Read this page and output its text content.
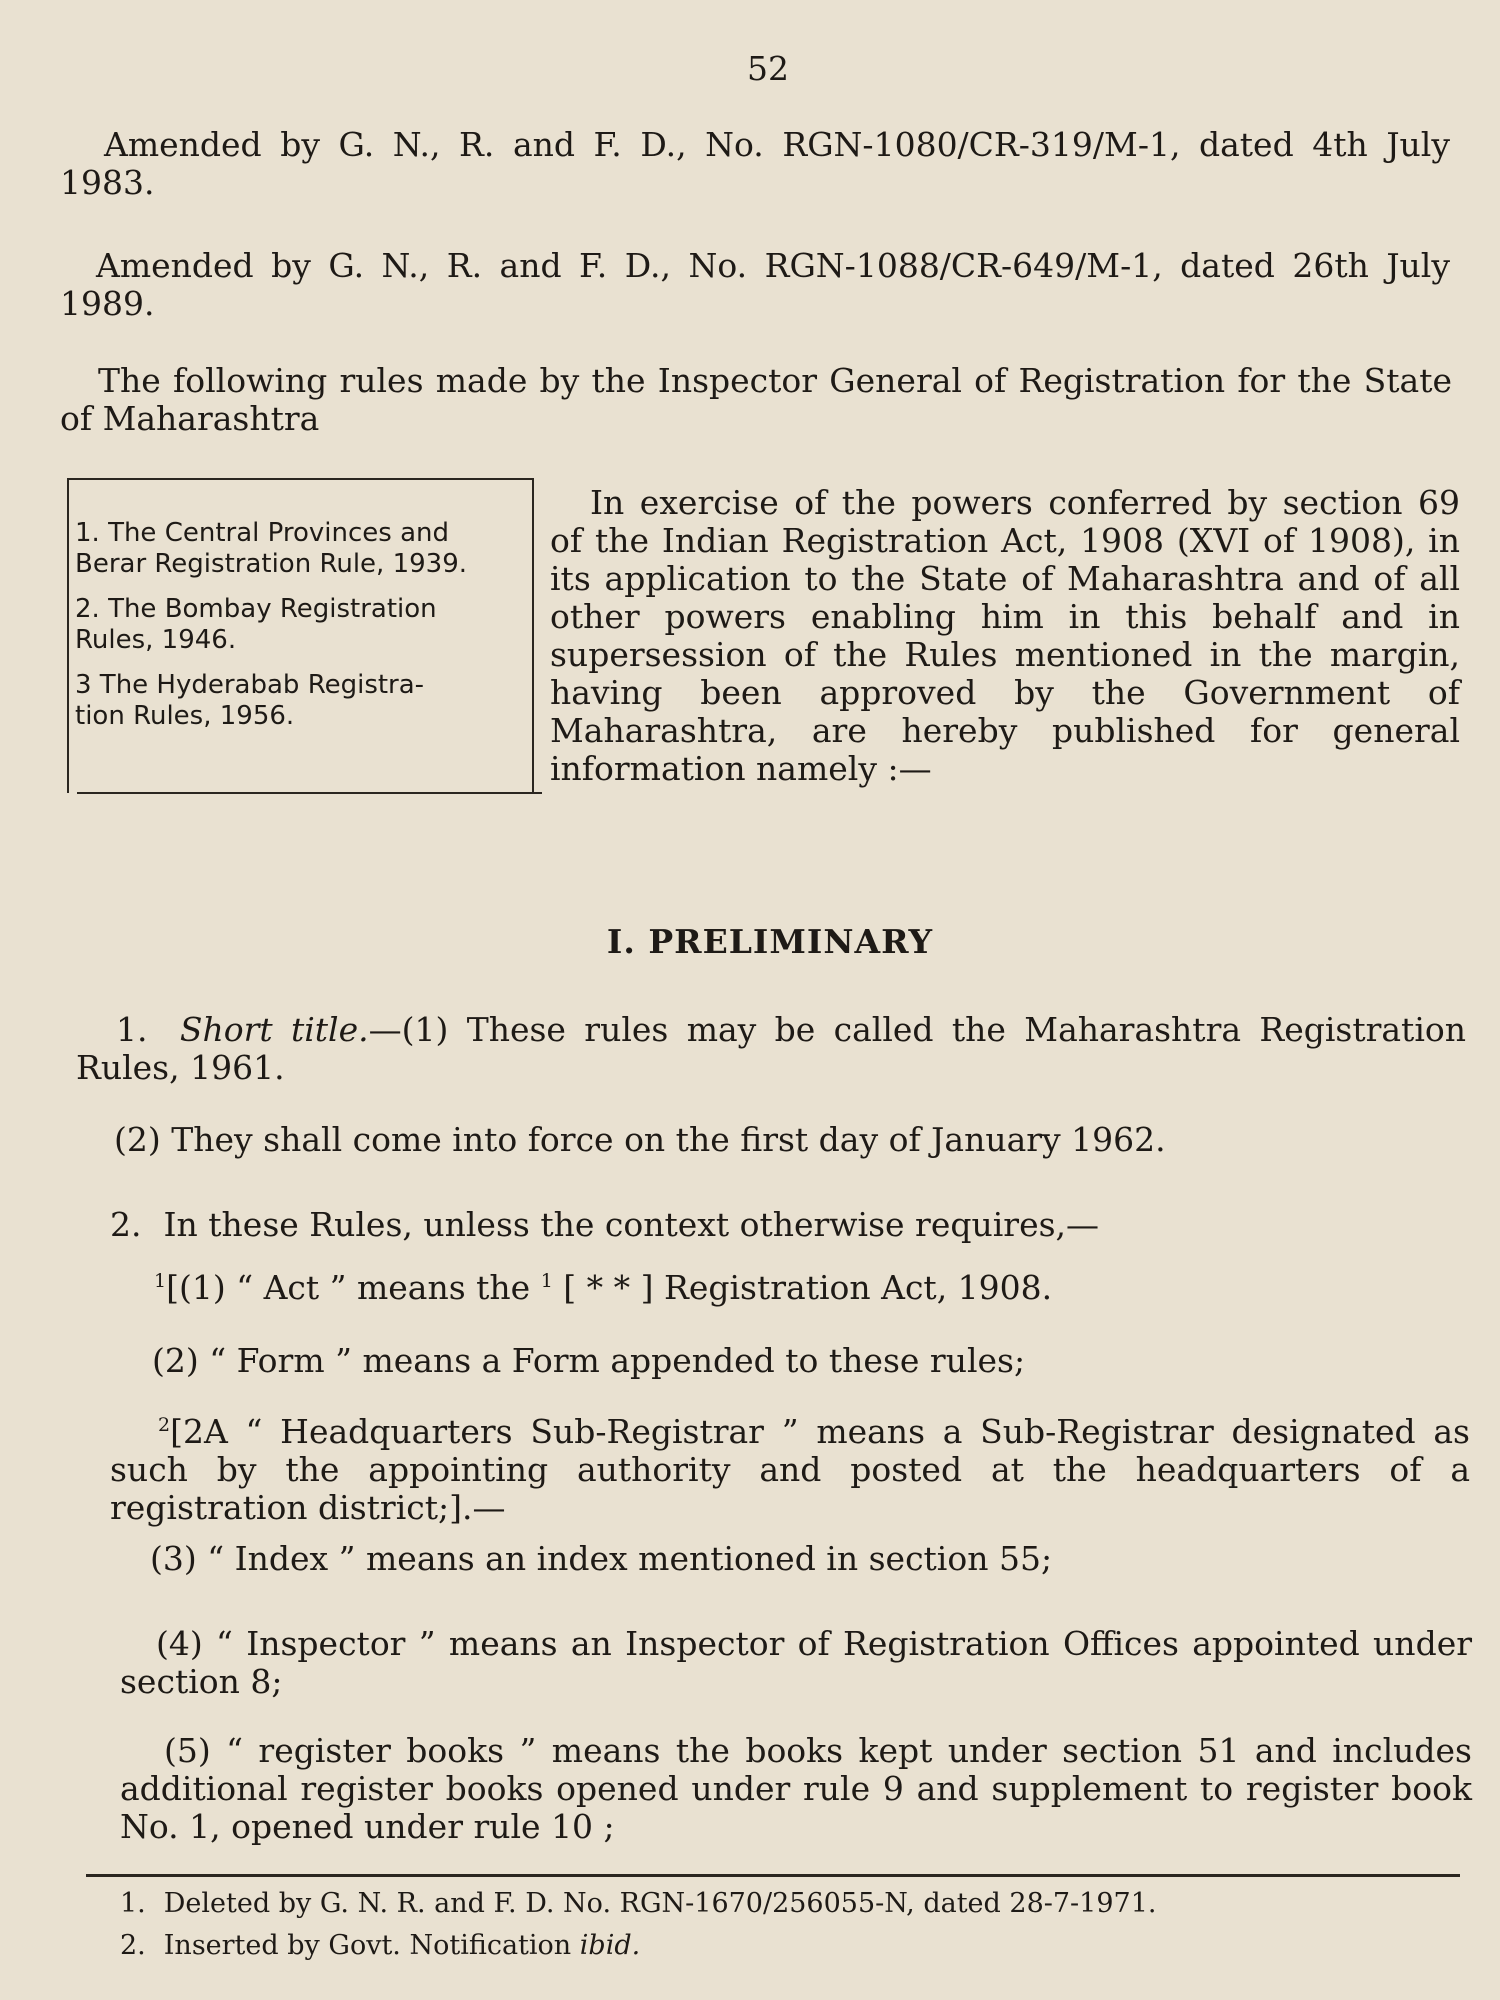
52
Amended by G. N., R. and F. D., No. RGN-1080/CR-319/M-1, dated 4th July 1983.
Amended by G. N., R. and F. D., No. RGN-1088/CR-649/M-1, dated 26th July 1989.
The following rules made by the Inspector General of Registration for the State of Maharashtra
1. The Central Provinces and
Berar Registration Rule, 1939.
2. The Bombay Registration
Rules, 1946.
3 The Hyderabab Registra-
tion Rules, 1956.
In exercise of the powers conferred by section 69 of the Indian Registration Act, 1908 (XVI of 1908), in its application to the State of Maharashtra and of all other powers enabling him in this behalf and in supersession of the Rules mentioned in the margin, having been approved by the Government of Maharashtra, are hereby published for general information namely :—
I. PRELIMINARY
1. Short title.—(1) These rules may be called the Maharashtra Registration Rules, 1961.
(2) They shall come into force on the first day of January 1962.
2. In these Rules, unless the context otherwise requires,—
$^1$[(1) “ Act ” means the $^1$ [ * * ] Registration Act, 1908.
(2) “ Form ” means a Form appended to these rules;
$^2$[2A “ Headquarters Sub-Registrar ” means a Sub-Registrar designated as such by the appointing authority and posted at the headquarters of a registration district;].—
(3) “ Index ” means an index mentioned in section 55;
(4) “ Inspector ” means an Inspector of Registration Offices appointed under section 8;
(5) “ register books ” means the books kept under section 51 and includes additional register books opened under rule 9 and supplement to register book No. 1, opened under rule 10 ;
1. Deleted by G. N. R. and F. D. No. RGN-1670/256055-N, dated 28-7-1971.
2. Inserted by Govt. Notification ibid.
